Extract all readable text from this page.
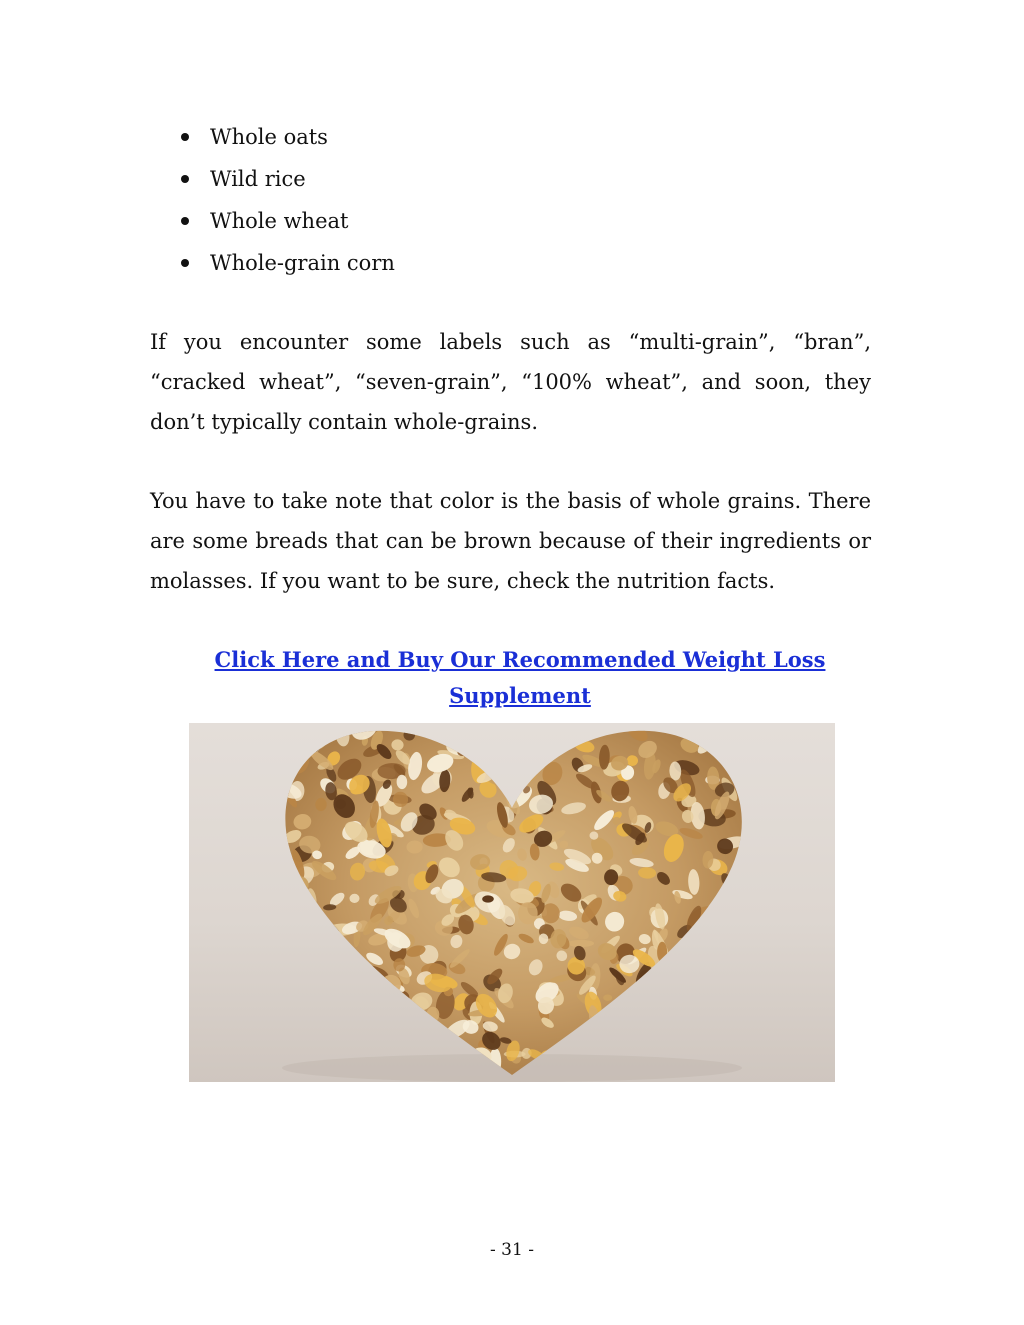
Whole oats
Wild rice
Whole wheat
Whole-grain corn

If you encounter some labels such as “multi-grain”, “bran”, “cracked wheat”, “seven-grain”, “100% wheat”, and soon, they don’t typically contain whole-grains.

You have to take note that color is the basis of whole grains. There are some breads that can be brown because of their ingredients or molasses. If you want to be sure, check the nutrition facts.

Click Here and Buy Our Recommended Weight Loss Supplement
- 31 -
